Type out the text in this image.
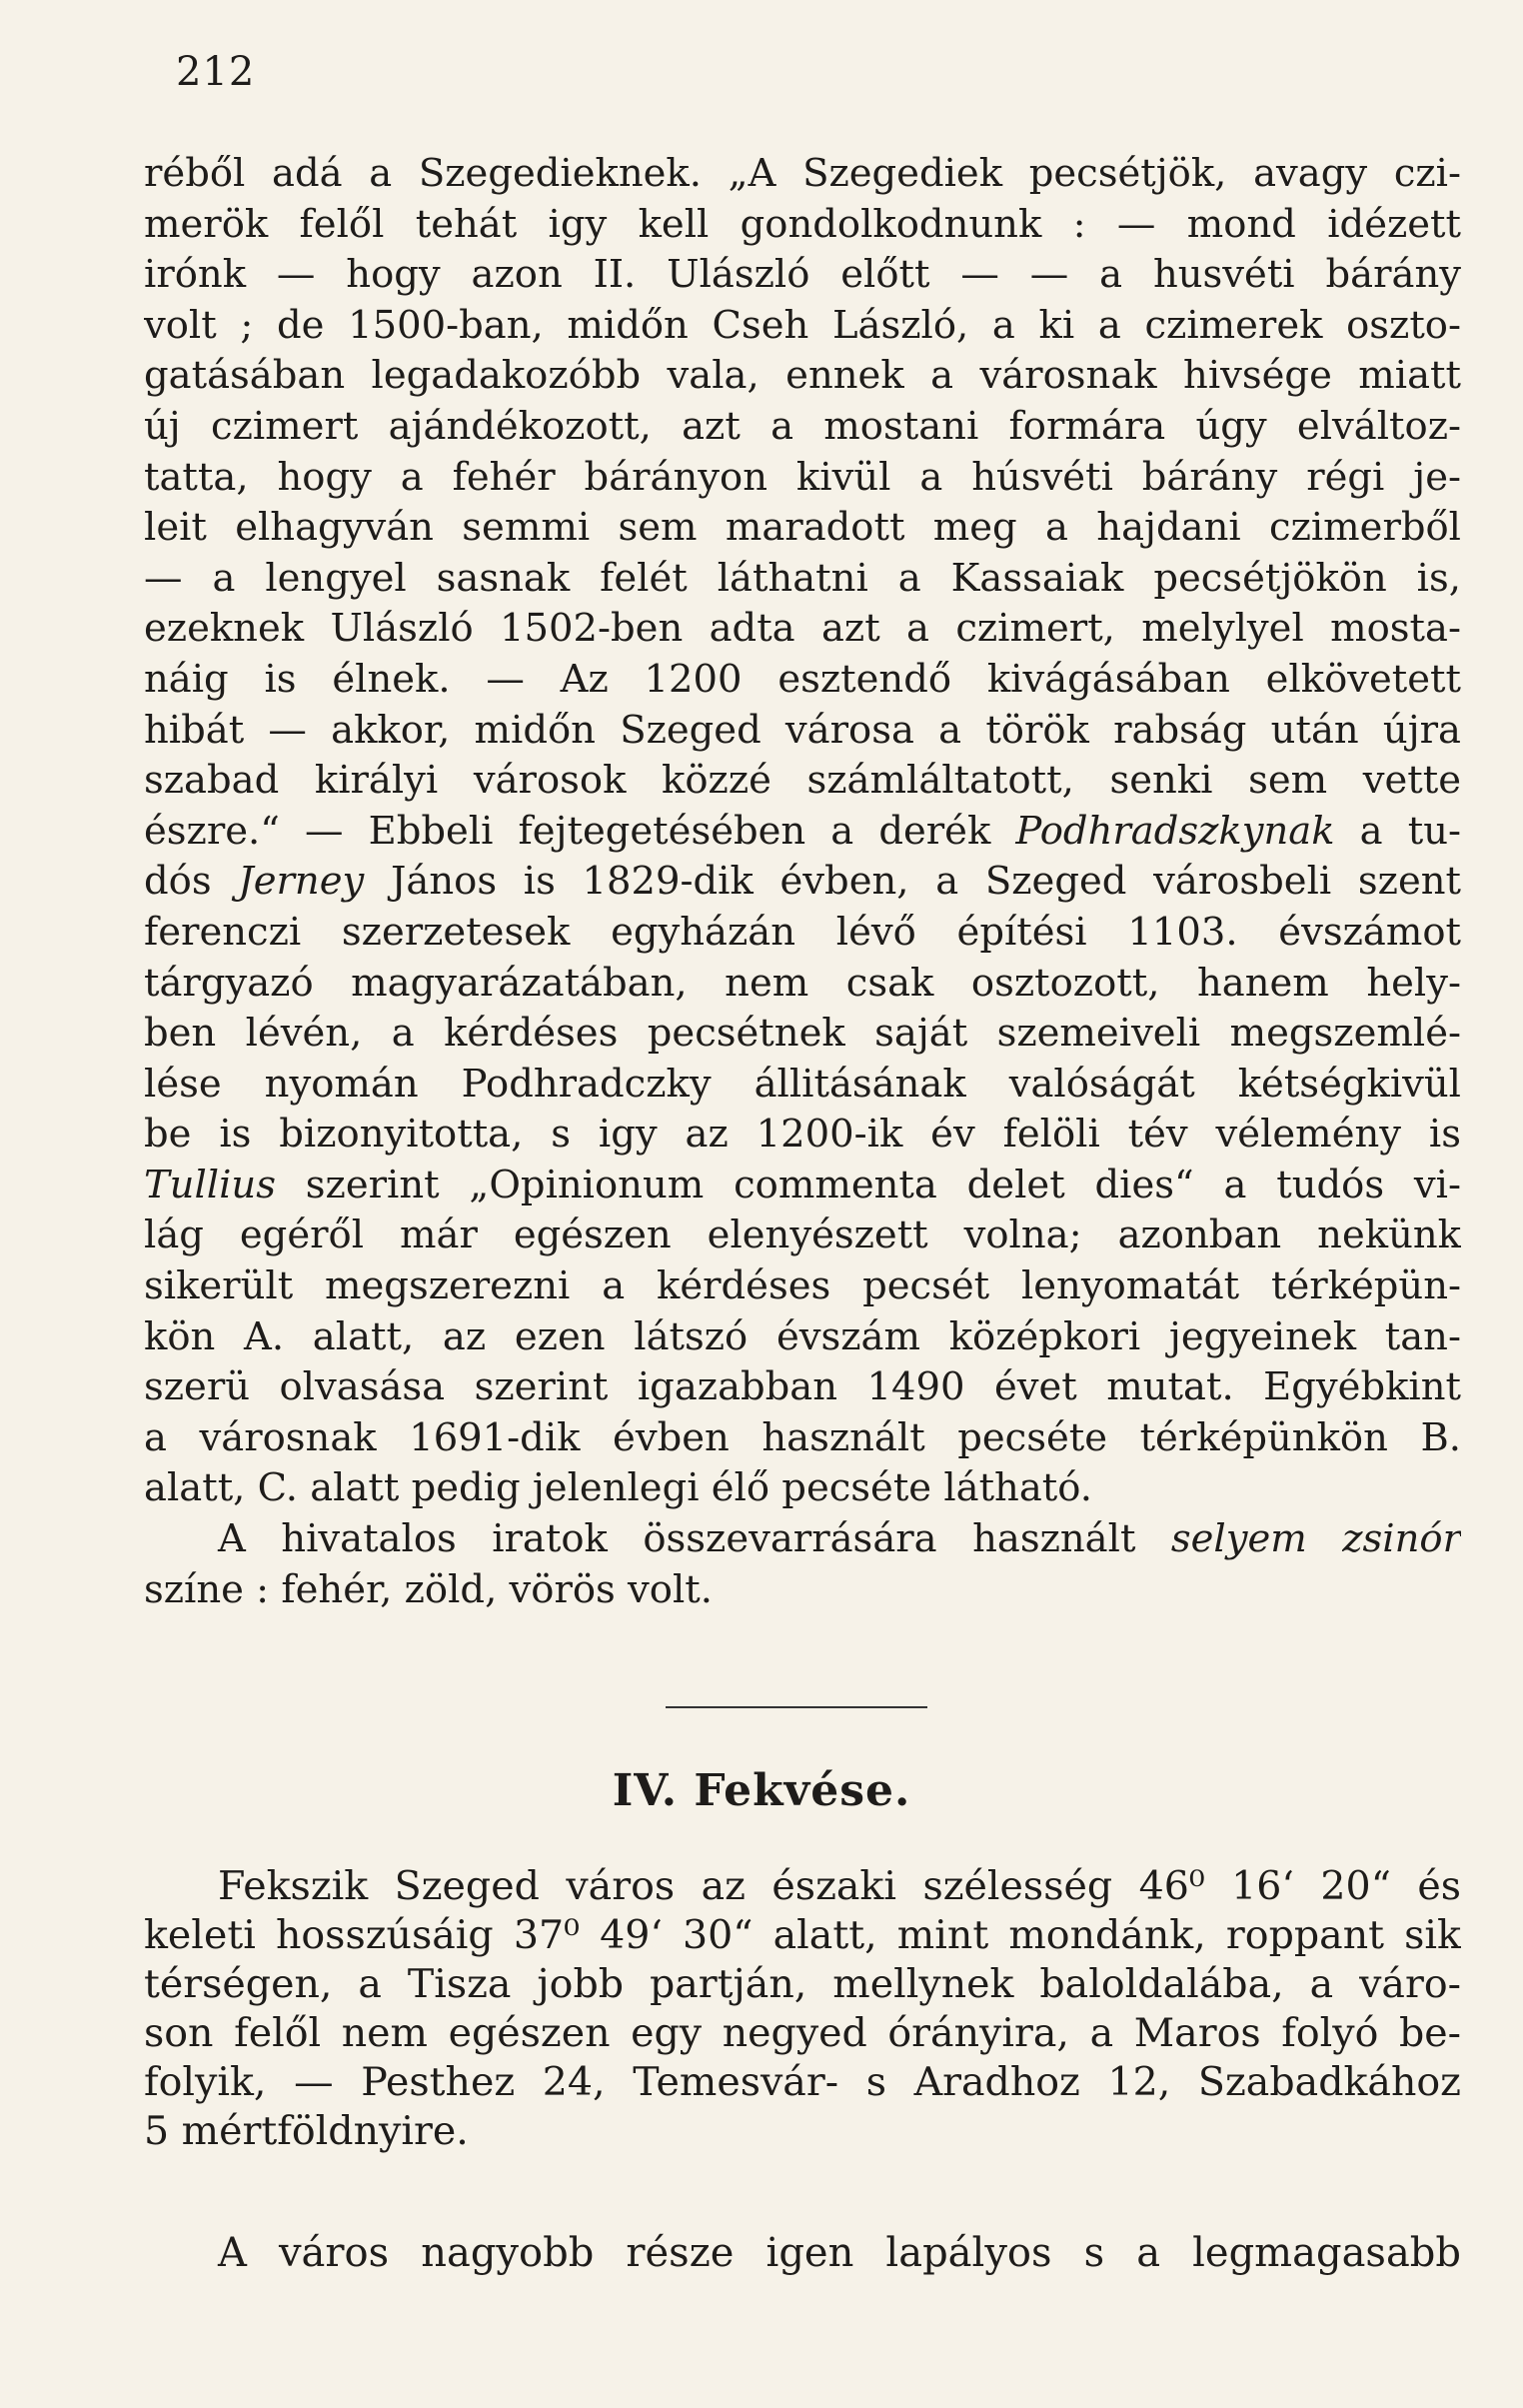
212
réből adá a Szegedieknek. „A Szegediek pecsétjök, avagy czi-
merök felől tehát igy kell gondolkodnunk : — mond idézett
irónk — hogy azon II. Ulászló előtt — — a husvéti bárány
volt ; de 1500-ban, midőn Cseh László, a ki a czimerek oszto-
gatásában legadakozóbb vala, ennek a városnak hivsége miatt
új czimert ajándékozott, azt a mostani formára úgy elváltoz-
tatta, hogy a fehér bárányon kivül a húsvéti bárány régi je-
leit elhagyván semmi sem maradott meg a hajdani czimerből
— a lengyel sasnak felét láthatni a Kassaiak pecsétjökön is,
ezeknek Ulászló 1502-ben adta azt a czimert, melylyel mosta-
náig is élnek. — Az 1200 esztendő kivágásában elkövetett
hibát — akkor, midőn Szeged városa a török rabság után újra
szabad királyi városok közzé számláltatott, senki sem vette
észre.“ — Ebbeli fejtegetésében a derék Podhradszkynak a tu-
dós Jerney János is 1829-dik évben, a Szeged városbeli szent
ferenczi szerzetesek egyházán lévő építési 1103. évszámot
tárgyazó magyarázatában, nem csak osztozott, hanem hely-
ben lévén, a kérdéses pecsétnek saját szemeiveli megszemlé-
lése nyomán Podhradczky állitásának valóságát kétségkivül
be is bizonyitotta, s igy az 1200-ik év felöli tév vélemény is
Tullius szerint „Opinionum commenta delet dies“ a tudós vi-
lág egéről már egészen elenyészett volna; azonban nekünk
sikerült megszerezni a kérdéses pecsét lenyomatát térképün-
kön A. alatt, az ezen látszó évszám középkori jegyeinek tan-
szerü olvasása szerint igazabban 1490 évet mutat. Egyébkint
a városnak 1691-dik évben használt pecséte térképünkön B.
alatt, C. alatt pedig jelenlegi élő pecséte látható.
A hivatalos iratok összevarrására használt selyem zsinór
színe : fehér, zöld, vörös volt.
IV. Fekvése.
Fekszik Szeged város az északi szélesség 46⁰ 16‘ 20“ és
keleti hosszúsáig 37⁰ 49‘ 30“ alatt, mint mondánk, roppant sik
térségen, a Tisza jobb partján, mellynek baloldalába, a váro-
son felől nem egészen egy negyed órányira, a Maros folyó be-
folyik, — Pesthez 24, Temesvár- s Aradhoz 12, Szabadkához
5 mértföldnyire.
A város nagyobb része igen lapályos s a legmagasabb
